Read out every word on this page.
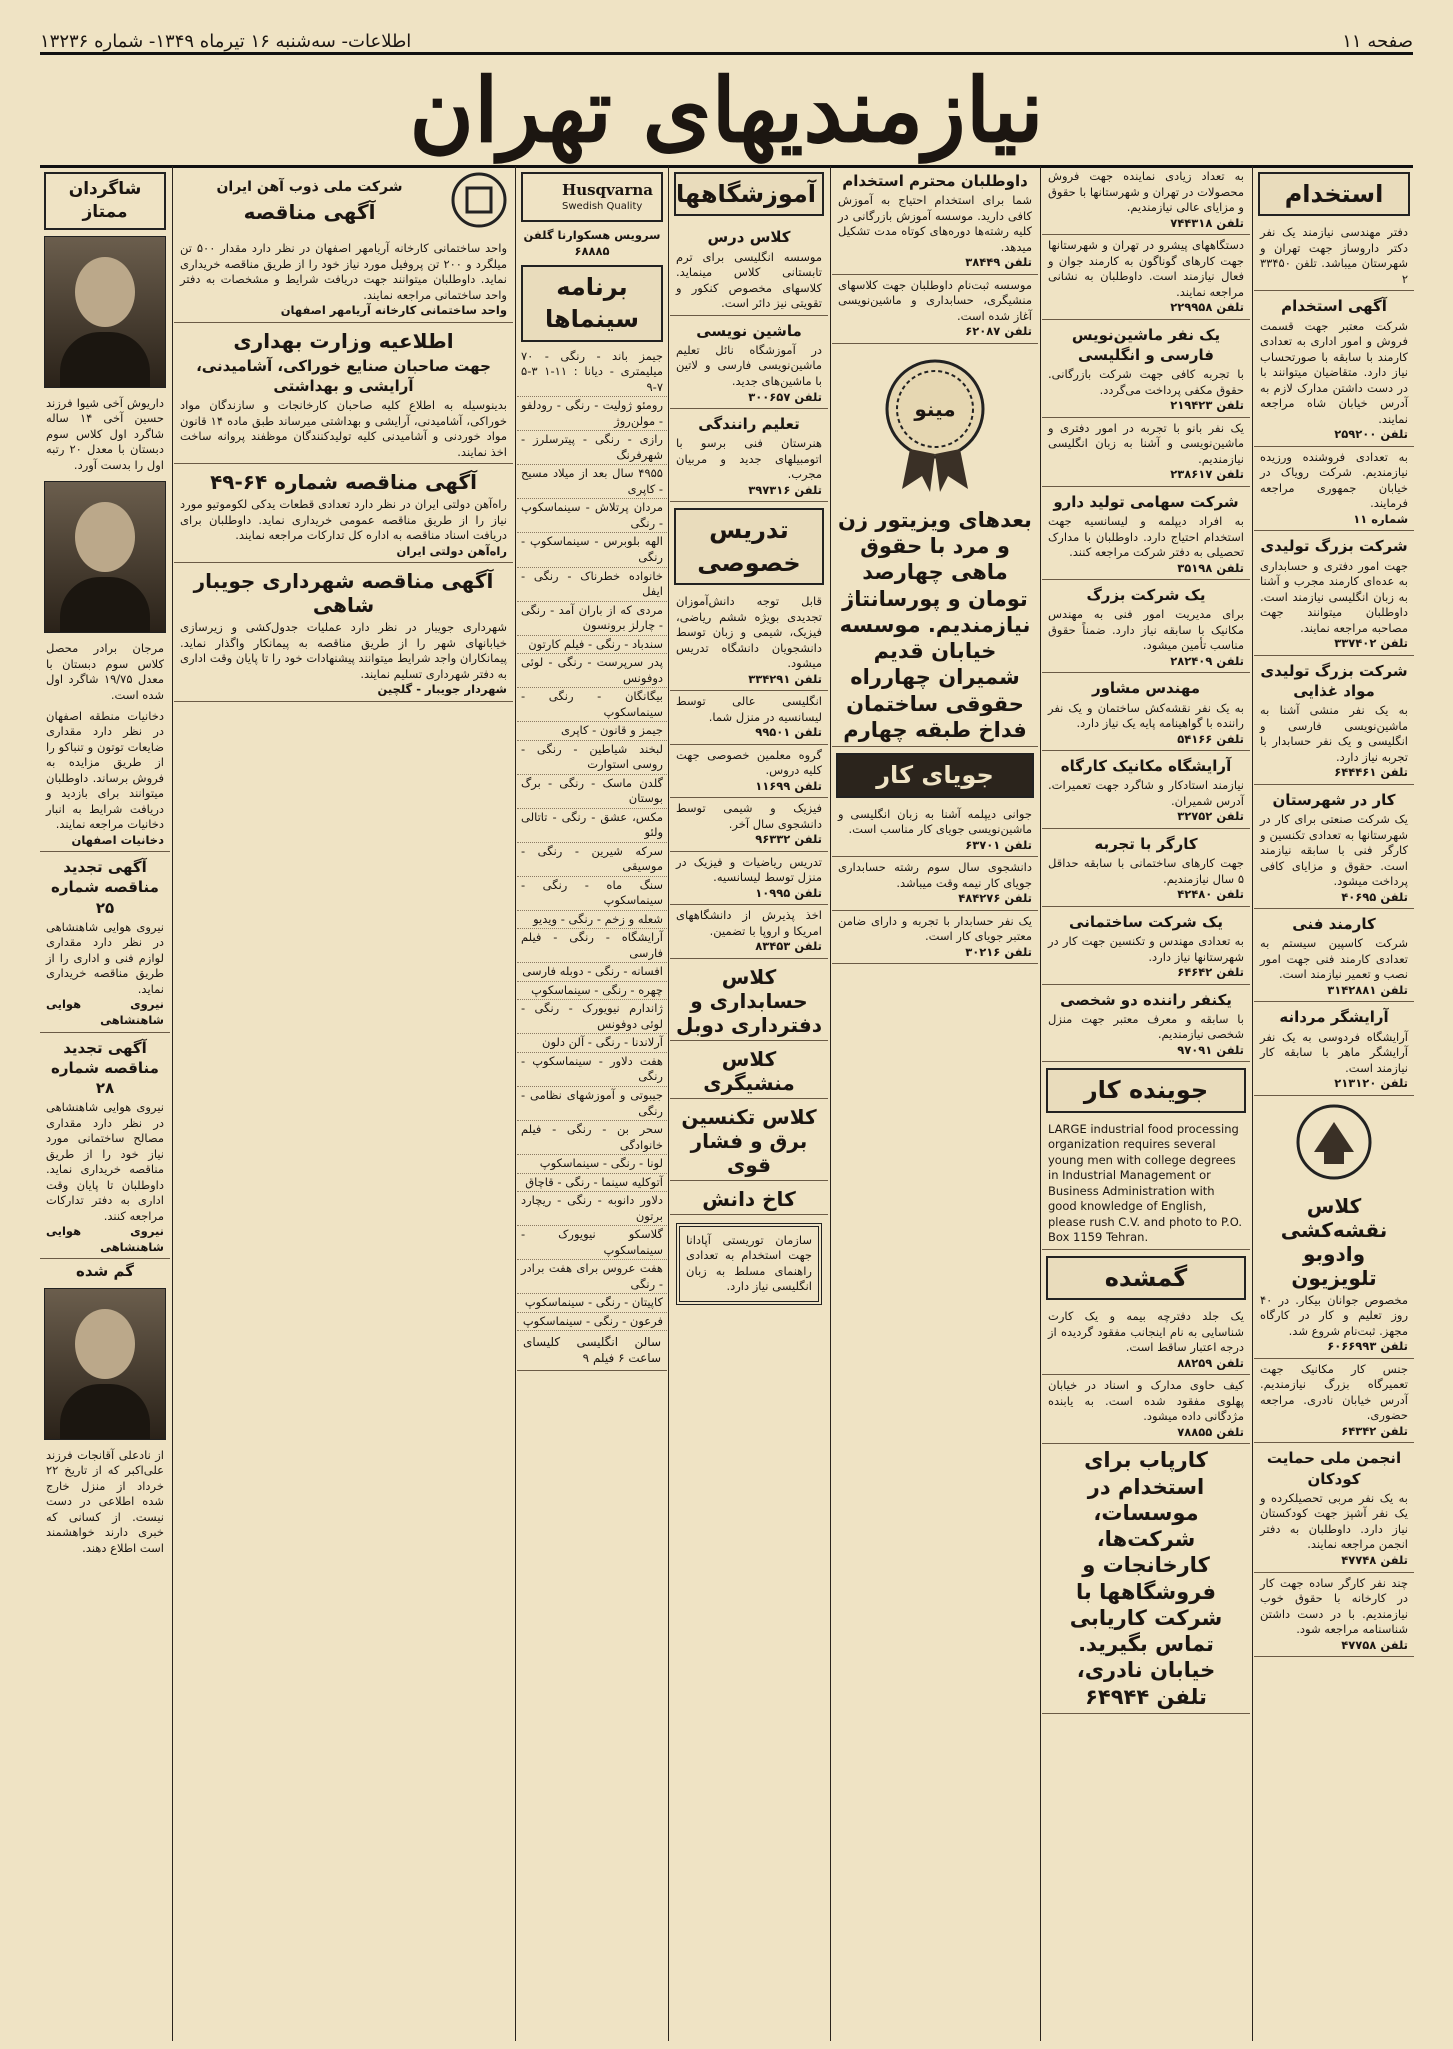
صفحه ۱۱
اطلاعات- سه‌شنبه ۱۶ تیرماه ۱۳۴۹- شماره ۱۳۲۳۶
نیازمندیهای تهران
استخدام
دفتر مهندسی نیازمند یک نفر دکتر داروساز جهت تهران و شهرستان میباشد. تلفن ۳۳۴۵۰ ۲
آگهی استخدام
شرکت معتبر جهت قسمت فروش و امور اداری به تعدادی کارمند با سابقه با صورتحساب نیاز دارد. متقاضیان میتوانند با در دست داشتن مدارک لازم به آدرس خیابان شاه مراجعه نمایند.
تلفن ۲۵۹۲۰۰
به تعدادی فروشنده ورزیده نیازمندیم. شرکت رویاک در خیابان جمهوری مراجعه فرمایند.
شماره ۱۱
شرکت بزرگ تولیدی
جهت امور دفتری و حسابداری به عده‌ای کارمند مجرب و آشنا به زبان انگلیسی نیازمند است. داوطلبان میتوانند جهت مصاحبه مراجعه نمایند.
تلفن ۳۳۷۴۰۲
شرکت بزرگ تولیدی مواد غذایی
به یک نفر منشی آشنا به ماشین‌نویسی فارسی و انگلیسی و یک نفر حسابدار با تجربه نیاز دارد.
تلفن ۶۴۴۴۶۱
کار در شهرستان
یک شرکت صنعتی برای کار در شهرستانها به تعدادی تکنسین و کارگر فنی با سابقه نیازمند است. حقوق و مزایای کافی پرداخت میشود.
تلفن ۴۰۶۹۵
کارمند فنی
شرکت کاسپین سیستم به تعدادی کارمند فنی جهت امور نصب و تعمیر نیازمند است.
تلفن ۳۱۴۲۸۸۱
آرایشگر مردانه
آرایشگاه فردوسی به یک نفر آرایشگر ماهر با سابقه کار نیازمند است.
تلفن ۲۱۳۱۲۰
کلاس نقشه‌کشی وادوبو تلویزیون
مخصوص جوانان بیکار. در ۴۰ روز تعلیم و کار در کارگاه مجهز. ثبت‌نام شروع شد.
تلفن ۶۰۶۶۹۹۳
جنس کار مکانیک جهت تعمیرگاه بزرگ نیازمندیم. آدرس خیابان نادری. مراجعه حضوری.
تلفن ۶۴۳۴۲
انجمن ملی حمایت کودکان
به یک نفر مربی تحصیلکرده و یک نفر آشپز جهت کودکستان نیاز دارد. داوطلبان به دفتر انجمن مراجعه نمایند.
تلفن ۴۷۷۴۸
چند نفر کارگر ساده جهت کار در کارخانه با حقوق خوب نیازمندیم. با در دست داشتن شناسنامه مراجعه شود.
تلفن ۴۷۷۵۸
به تعداد زیادی نماینده جهت فروش محصولات در تهران و شهرستانها با حقوق و مزایای عالی نیازمندیم.
تلفن ۷۴۴۳۱۸
دستگاههای پیشرو در تهران و شهرستانها جهت کارهای گوناگون به کارمند جوان و فعال نیازمند است. داوطلبان به نشانی مراجعه نمایند.
تلفن ۲۲۹۹۵۸
یک نفر ماشین‌نویس فارسی و انگلیسی
با تجربه کافی جهت شرکت بازرگانی. حقوق مکفی پرداخت می‌گردد.
تلفن ۲۱۹۴۲۳
یک نفر بانو با تجربه در امور دفتری و ماشین‌نویسی و آشنا به زبان انگلیسی نیازمندیم.
تلفن ۲۳۸۶۱۷
شرکت سهامی تولید دارو
به افراد دیپلمه و لیسانسیه جهت استخدام احتیاج دارد. داوطلبان با مدارک تحصیلی به دفتر شرکت مراجعه کنند.
تلفن ۳۵۱۹۸
یک شرکت بزرگ
برای مدیریت امور فنی به مهندس مکانیک با سابقه نیاز دارد. ضمناً حقوق مناسب تأمین میشود.
تلفن ۲۸۲۴۰۹
مهندس مشاور
به یک نفر نقشه‌کش ساختمان و یک نفر راننده با گواهینامه پایه یک نیاز دارد.
تلفن ۵۴۱۶۶
آرایشگاه مکانیک کارگاه
نیازمند استادکار و شاگرد جهت تعمیرات. آدرس شمیران.
تلفن ۳۲۷۵۲
کارگر با تجربه
جهت کارهای ساختمانی با سابقه حداقل ۵ سال نیازمندیم.
تلفن ۴۲۴۸۰
یک شرکت ساختمانی
به تعدادی مهندس و تکنسین جهت کار در شهرستانها نیاز دارد.
تلفن ۶۴۶۴۲
یکنفر راننده دو شخصی
با سابقه و معرف معتبر جهت منزل شخصی نیازمندیم.
تلفن ۹۷۰۹۱
جوینده کار
LARGE industrial food processing organization requires several young men with college degrees in Industrial Management or Business Administration with good knowledge of English, please rush C.V. and photo to P.O. Box 1159 Tehran.
گمشده
یک جلد دفترچه بیمه و یک کارت شناسایی به نام اینجانب مفقود گردیده از درجه اعتبار ساقط است.
تلفن ۸۸۲۵۹
کیف حاوی مدارک و اسناد در خیابان پهلوی مفقود شده است. به یابنده مژدگانی داده میشود.
تلفن ۷۸۸۵۵
کارپاب برای استخدام در موسسات، شرکت‌ها، کارخانجات و فروشگاهها با شرکت کاریابی تماس بگیرید. خیابان نادری، تلفن ۶۴۹۴۴
داوطلبان محترم استخدام
شما برای استخدام احتیاج به آموزش کافی دارید. موسسه آموزش بازرگانی در کلیه رشته‌ها دوره‌های کوتاه مدت تشکیل میدهد.
تلفن ۳۸۴۴۹
موسسه ثبت‌نام داوطلبان جهت کلاسهای منشیگری، حسابداری و ماشین‌نویسی آغاز شده است.
تلفن ۶۲۰۸۷
مینو
بعدهای ویزیتور زن و مرد با حقوق ماهی چهارصد تومان و پورسانتاژ نیازمندیم. موسسه خیابان قدیم شمیران چهارراه حقوقی ساختمان فداخ طبقه چهارم
جویای کار
جوانی دیپلمه آشنا به زبان انگلیسی و ماشین‌نویسی جویای کار مناسب است.
تلفن ۶۳۷۰۱
دانشجوی سال سوم رشته حسابداری جویای کار نیمه وقت میباشد.
تلفن ۴۸۴۲۷۶
یک نفر حسابدار با تجربه و دارای ضامن معتبر جویای کار است.
تلفن ۳۰۲۱۶
آموزشگاهها
کلاس درس
موسسه انگلیسی برای ترم تابستانی کلاس مینماید. کلاسهای مخصوص کنکور و تقویتی نیز دائر است.
ماشین نویسی
در آموزشگاه نائل تعلیم ماشین‌نویسی فارسی و لاتین با ماشین‌های جدید.
تلفن ۳۰۰۶۵۷
تعلیم رانندگی
هنرستان فنی برسو با اتومبیلهای جدید و مربیان مجرب.
تلفن ۳۹۷۳۱۶
تدریس خصوصی
قابل توجه دانش‌آموزان تجدیدی بویژه ششم ریاضی، فیزیک، شیمی و زبان توسط دانشجویان دانشگاه تدریس میشود.
تلفن ۳۳۴۲۹۱
انگلیسی عالی توسط لیسانسیه در منزل شما.
تلفن ۹۹۵۰۱
گروه معلمین خصوصی جهت کلیه دروس.
تلفن ۱۱۶۹۹
فیزیک و شیمی توسط دانشجوی سال آخر.
تلفن ۹۶۳۳۲
تدریس ریاضیات و فیزیک در منزل توسط لیسانسیه.
تلفن ۱۰۹۹۵
اخذ پذیرش از دانشگاههای امریکا و اروپا با تضمین.
تلفن ۸۳۴۵۳
کلاس حسابداری و دفترداری دوبل
کلاس منشیگری
کلاس تکنسین برق و فشار قوی
کاخ دانش
سازمان توریستی آپادانا جهت استخدام به تعدادی راهنمای مسلط به زبان انگلیسی نیاز دارد.
Husqvarna
Swedish Quality
سرویس هسکوارنا گلفن ۶۸۸۸۵
برنامه سینماها
جیمز باند - رنگی - ۷۰ میلیمتری - دیانا : ۱۱-۱ ۳-۵ ۷-۹
رومئو ژولیت - رنگی - رودلفو - مولن‌روژ
رازی - رنگی - پیترسلرز - شهرفرنگ
۴۹۵۵ سال بعد از میلاد مسیح - کاپری
مردان پرتلاش - سینماسکوپ - رنگی
الهه بلوبرس - سینماسکوپ - رنگی
خانواده خطرناک - رنگی - ایفل
مردی که از باران آمد - رنگی - چارلز برونسون
سندباد - رنگی - فیلم کارتون
پدر سرپرست - رنگی - لوئی دوفونس
بیگانگان - رنگی - سینماسکوپ
جیمز و قانون - کاپری
لبخند شیاطین - رنگی - روسی استوارت
گلدن ماسک - رنگی - برگ بوستان
مکس، عشق - رنگی - تاتالی ولئو
سرکه شیرین - رنگی - موسیقی
سنگ ماه - رنگی - سینماسکوپ
شعله و زخم - رنگی - ویدیو
آرایشگاه - رنگی - فیلم فارسی
افسانه - رنگی - دوبله فارسی
چهره - رنگی - سینماسکوپ
ژاندارم نیویورک - رنگی - لوئی دوفونس
آرلاندنا - رنگی - آلن دلون
هفت دلاور - سینماسکوپ - رنگی
جیبوتی و آموزشهای نظامی - رنگی
سحر بن - رنگی - فیلم خانوادگی
لونا - رنگی - سینماسکوپ
آتوکلیه سینما - رنگی - قاچاق
دلاور دانوبه - رنگی - ریچارد برتون
گلاسکو نیویورک - سینماسکوپ
هفت عروس برای هفت برادر - رنگی
کاپیتان - رنگی - سینماسکوپ
فرعون - رنگی - سینماسکوپ
سالن انگلیسی کلیسای ساعت ۶ فیلم ۹
شرکت ملی ذوب آهن ایران
آگهی مناقصه
واحد ساختمانی کارخانه آریامهر اصفهان در نظر دارد مقدار ۵۰۰ تن میلگرد و ۲۰۰ تن پروفیل مورد نیاز خود را از طریق مناقصه خریداری نماید. داوطلبان میتوانند جهت دریافت شرایط و مشخصات به دفتر واحد ساختمانی مراجعه نمایند.
واحد ساختمانی کارخانه آریامهر اصفهان
اطلاعیه وزارت بهداری
جهت صاحبان صنایع خوراکی، آشامیدنی، آرایشی و بهداشتی
بدینوسیله به اطلاع کلیه صاحبان کارخانجات و سازندگان مواد خوراکی، آشامیدنی، آرایشی و بهداشتی میرساند طبق ماده ۱۴ قانون مواد خوردنی و آشامیدنی کلیه تولیدکنندگان موظفند پروانه ساخت اخذ نمایند.
آگهی مناقصه شماره ۶۴-۴۹
راه‌آهن دولتی ایران در نظر دارد تعدادی قطعات یدکی لکوموتیو مورد نیاز را از طریق مناقصه عمومی خریداری نماید. داوطلبان برای دریافت اسناد مناقصه به اداره کل تدارکات مراجعه نمایند.
راه‌آهن دولتی ایران
آگهی مناقصه شهرداری جویبار شاهی
شهرداری جویبار در نظر دارد عملیات جدول‌کشی و زیرسازی خیابانهای شهر را از طریق مناقصه به پیمانکار واگذار نماید. پیمانکاران واجد شرایط میتوانند پیشنهادات خود را تا پایان وقت اداری به دفتر شهرداری تسلیم نمایند.
شهردار جویبار - گلچین
شاگردان ممتاز
داریوش آخی شیوا فرزند حسین آخی ۱۴ ساله شاگرد اول کلاس سوم دبستان با معدل ۲۰ رتبه اول را بدست آورد.
مرجان برادر محصل کلاس سوم دبستان با معدل ۱۹/۷۵ شاگرد اول شده است.
دخانیات منطقه اصفهان در نظر دارد مقداری ضایعات توتون و تنباکو را از طریق مزایده به فروش برساند. داوطلبان میتوانند برای بازدید و دریافت شرایط به انبار دخانیات مراجعه نمایند.
دخانیات اصفهان
آگهی تجدید مناقصه شماره ۲۵
نیروی هوایی شاهنشاهی در نظر دارد مقداری لوازم فنی و اداری را از طریق مناقصه خریداری نماید.
نیروی هوایی شاهنشاهی
آگهی تجدید مناقصه شماره ۲۸
نیروی هوایی شاهنشاهی در نظر دارد مقداری مصالح ساختمانی مورد نیاز خود را از طریق مناقصه خریداری نماید. داوطلبان تا پایان وقت اداری به دفتر تدارکات مراجعه کنند.
نیروی هوایی شاهنشاهی
گم شده
از نادعلی آقانجات فرزند علی‌اکبر که از تاریخ ۲۲ خرداد از منزل خارج شده اطلاعی در دست نیست. از کسانی که خبری دارند خواهشمند است اطلاع دهند.
